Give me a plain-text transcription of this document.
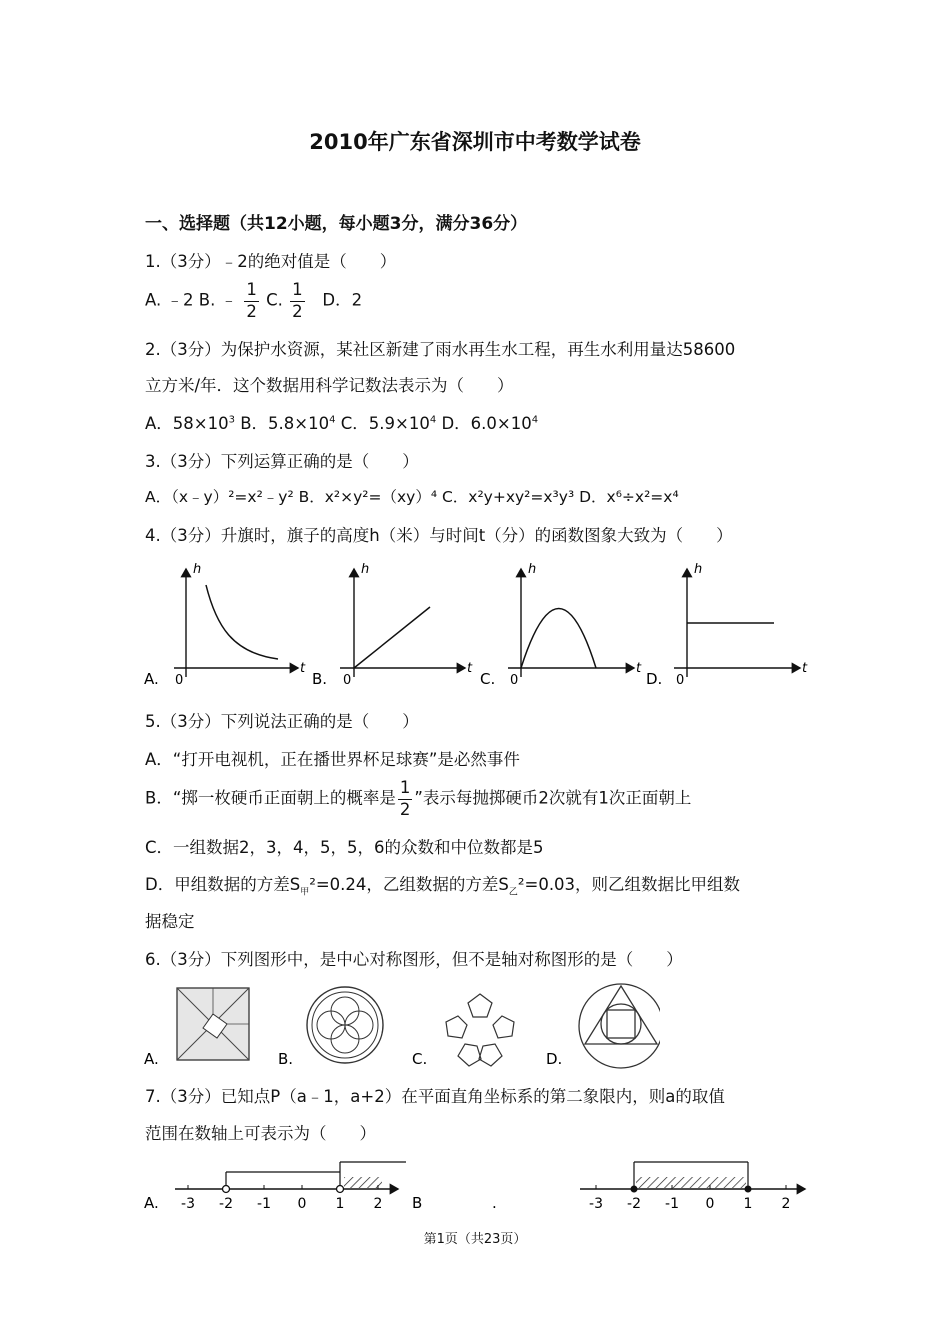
2010年广东省深圳市中考数学试卷
一、选择题（共12小题，每小题3分，满分36分）
1.（3分）﹣2的绝对值是（　　）
A. ﹣2 B. ﹣ $\frac{1}{2} C$. $\frac{1}{2}$ D．2
2.（3分）为保护水资源，某社区新建了雨水再生水工程，再生水利用量达58600
立方米/年．这个数据用科学记数法表示为（　　）
A．$58\times 10^3$ B．$5.8\times 10^4$ C．$5.9\times 10^4$ D．$6.0\times 10^4$
3.（3分）下列运算正确的是（　　）
A．（x﹣y）²=x²﹣y² B．x²×y²=（xy）⁴ C．x²y+xy²=x³y³ D．x⁶÷x²=x⁴
4.（3分）升旗时，旗子的高度h（米）与时间t（分）的函数图象大致为（　　）
h
t
0
A.
h
t
0
B.
h
t
0
C.
h
t
0
D.
5.（3分）下列说法正确的是（　　）
A．“打开电视机，正在播世界杯足球赛”是必然事件
B．“掷一枚硬币正面朝上的概率是 $\frac{1}{2}$ ”表示每抛掷硬币2次就有1次正面朝上
C．一组数据2，3，4，5，5，6的众数和中位数都是5
D．甲组数据的方差$S_甲^2=0.24$，乙组数据的方差$S_乙^2=0.03$，则乙组数据比甲组数
据稳定
6.（3分）下列图形中，是中心对称图形，但不是轴对称图形的是（　　）
A.	B.	C.	D.
7.（3分）已知点P（a﹣1，a+2）在平面直角坐标系的第二象限内，则a的取值
范围在数轴上可表示为（　　）
A. -3 -2 -1 0 1 2 B	.	-3 -2 -1 0 1 2
第1页（共23页）
